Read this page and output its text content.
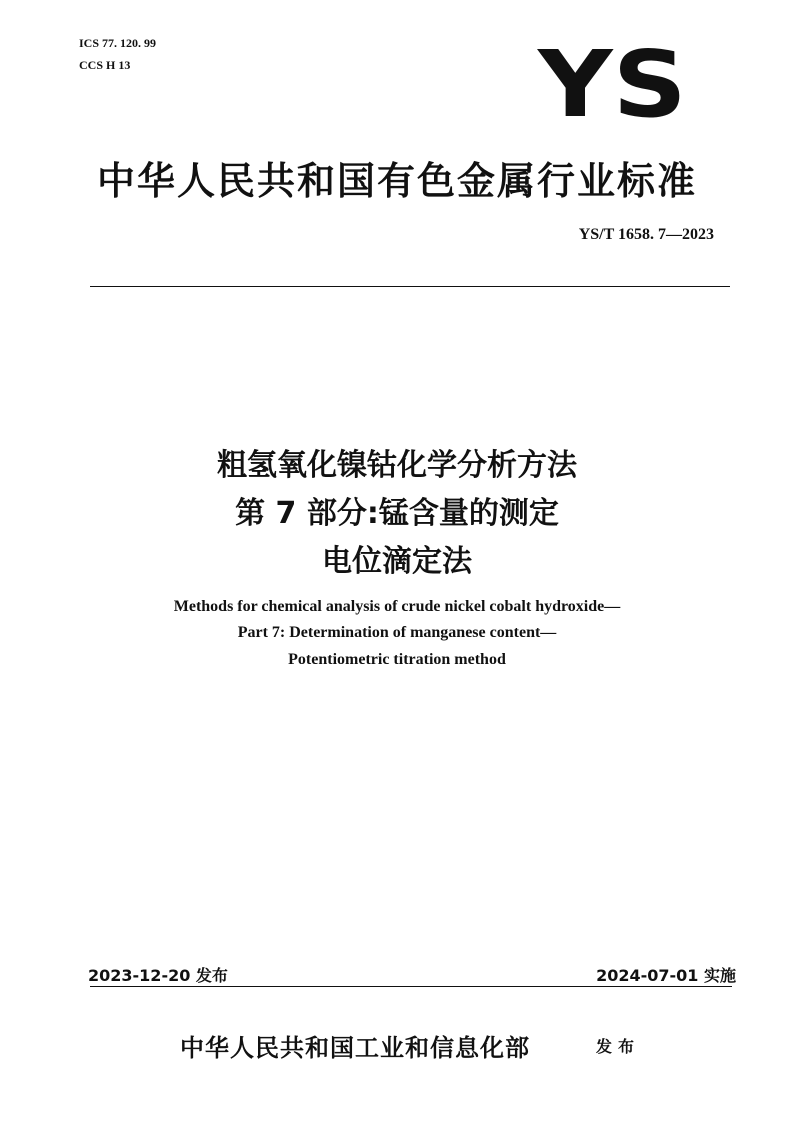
ICS 77. 120. 99
CCS H 13	YS
中华人民共和国有色金属行业标准
YS/T 1658. 7—2023
粗氢氧化镍钴化学分析方法
第 7 部分:锰含量的测定
电位滴定法
Methods for chemical analysis of crude nickel cobalt hydroxide—
Part 7: Determination of manganese content—
Potentiometric titration method
2023-12-20 发布	2024-07-01 实施
中华人民共和国工业和信息化部	发布
